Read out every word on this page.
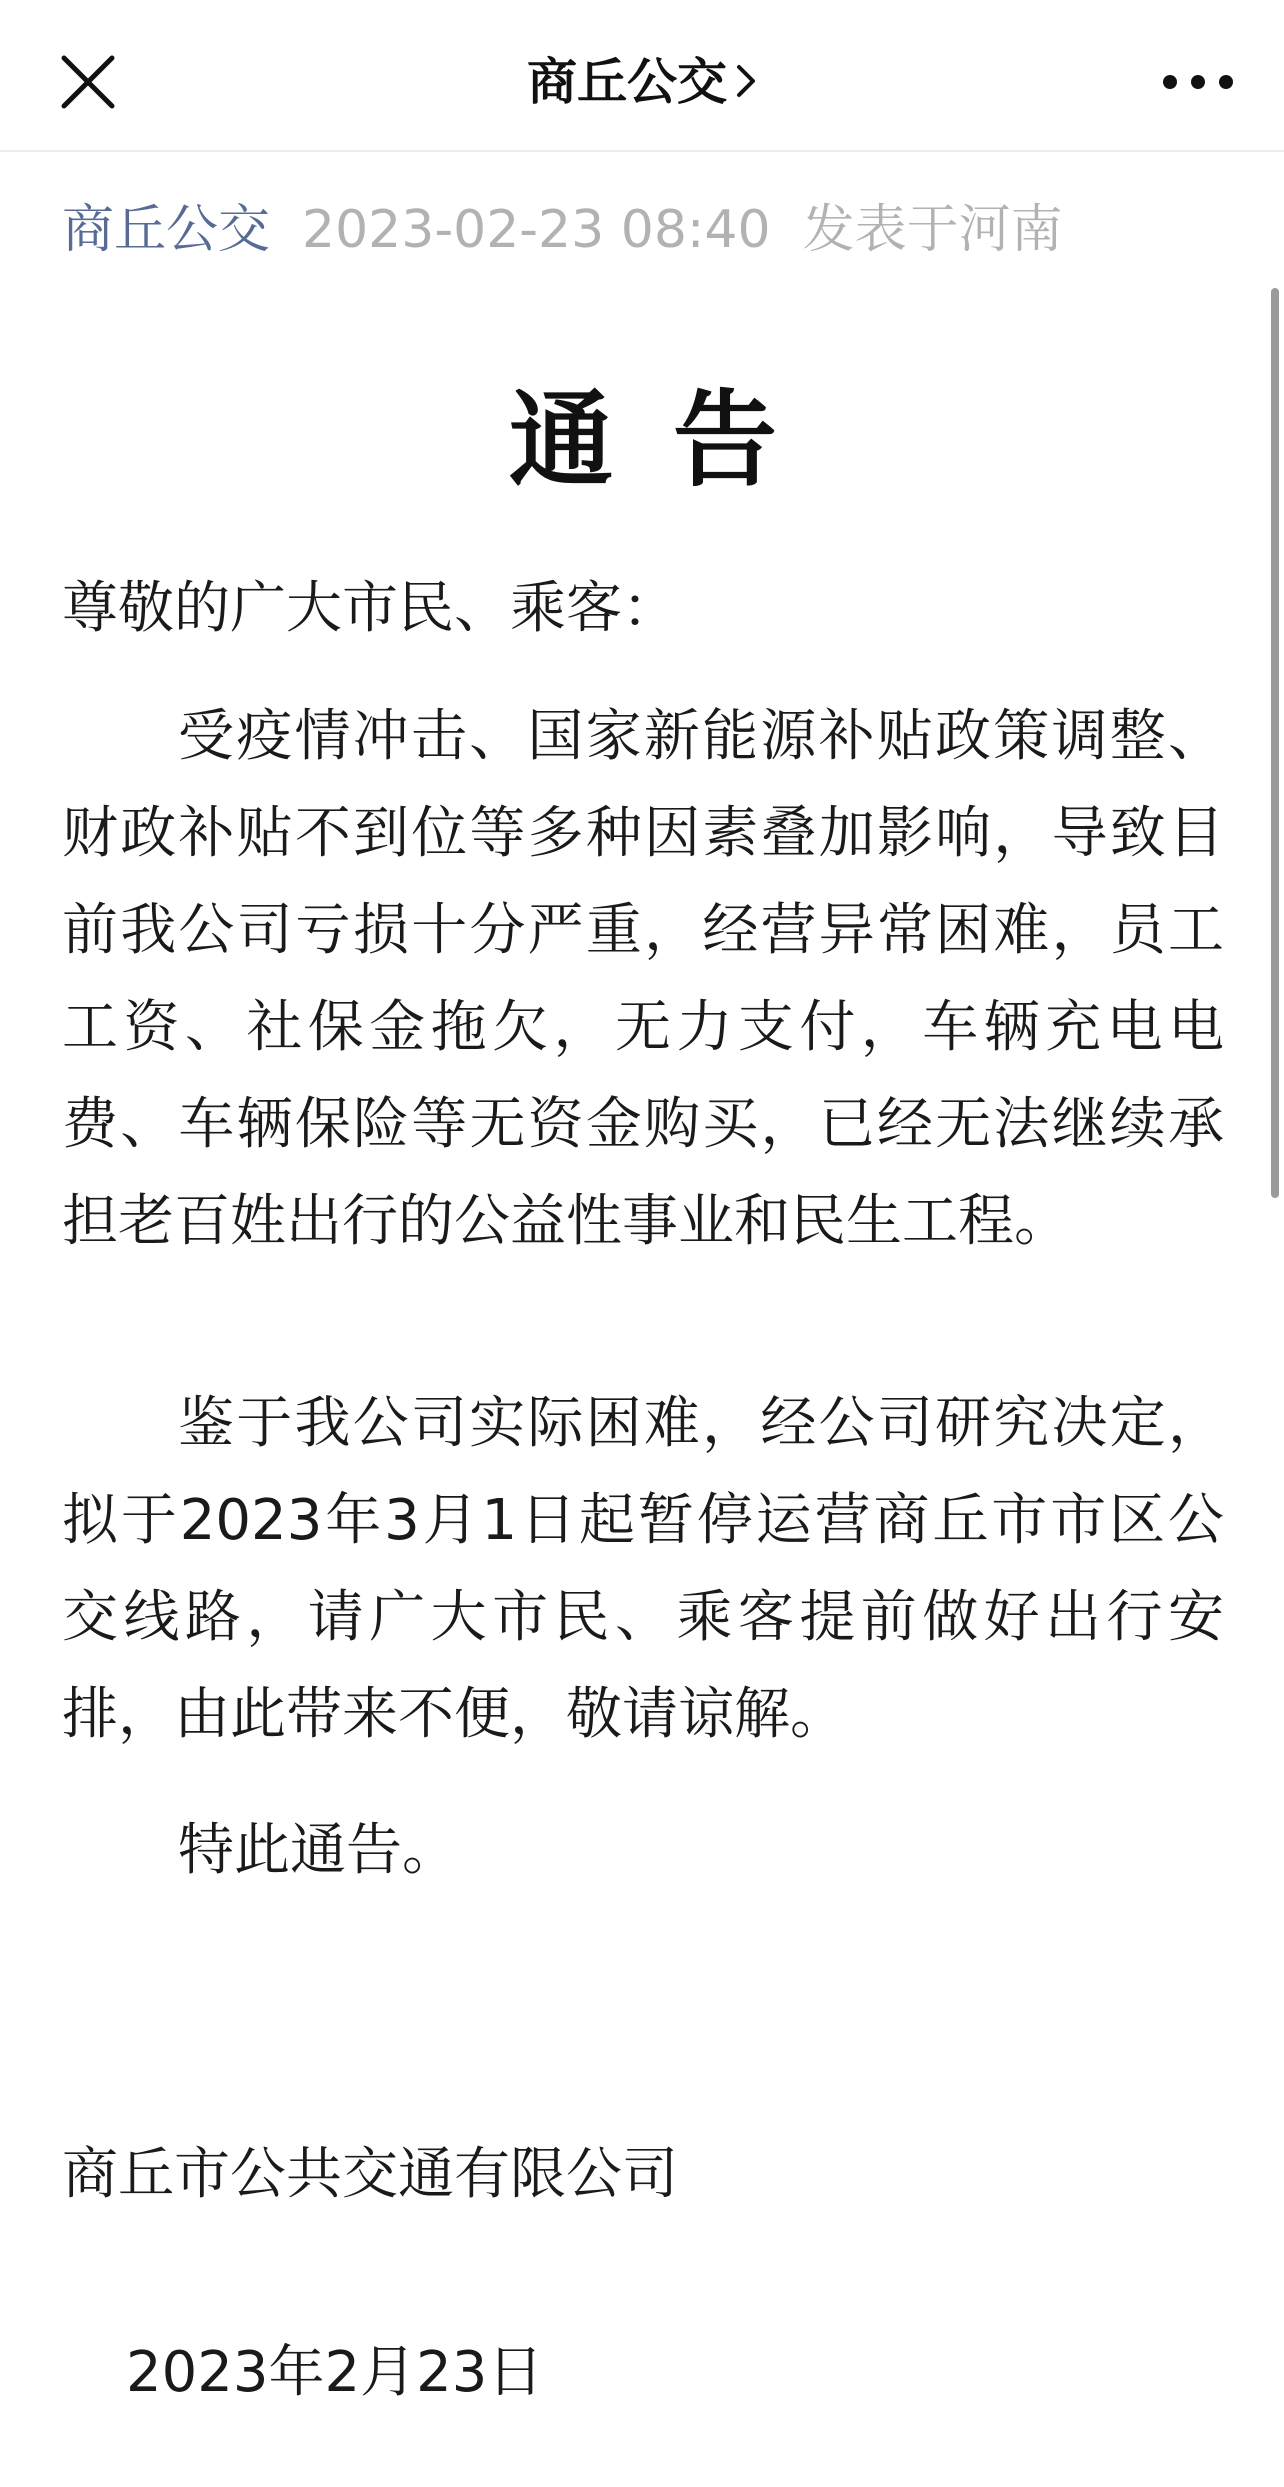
商丘公交
商丘公交 2023-02-23 08:40 发表于河南
通告

尊敬的广大市民、乘客：

受疫情冲击、国家新能源补贴政策调整、财政补贴不到位等多种因素叠加影响，导致目前我公司亏损十分严重，经营异常困难，员工工资、社保金拖欠，无力支付，车辆充电电费、车辆保险等无资金购买，已经无法继续承担老百姓出行的公益性事业和民生工程。

鉴于我公司实际困难，经公司研究决定，拟于2023年3月1日起暂停运营商丘市市区公交线路，请广大市民、乘客提前做好出行安排，由此带来不便，敬请谅解。

特此通告。

商丘市公共交通有限公司

2023年2月23日
